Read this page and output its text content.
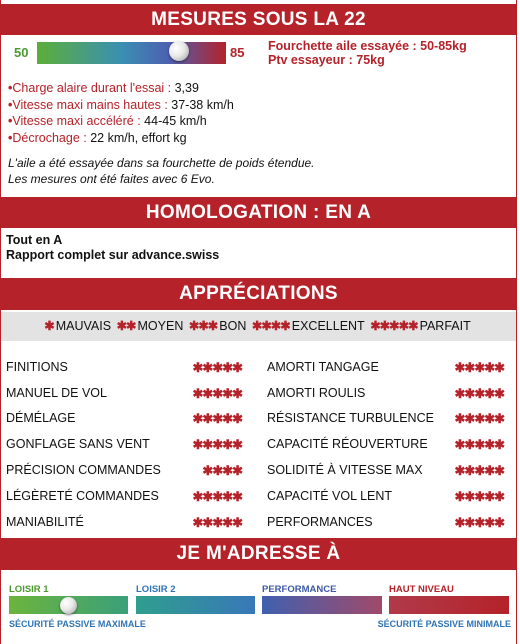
MESURES SOUS LA 22
50	85 Fourchette aile essayée : 50-85kg
Ptv essayeur : 75kg
•Charge alaire durant l'essai : 3,39
•Vitesse maxi mains hautes : 37-38 km/h
•Vitesse maxi accéléré : 44-45 km/h
•Décrochage : 22 km/h, effort kg
L'aile a été essayée dans sa fourchette de poids étendue.
Les mesures ont été faites avec 6 Evo.
HOMOLOGATION : EN A
Tout en A
Rapport complet sur advance.swiss
APPRÉCIATIONS
✱ MAUVAIS ✱✱ MOYEN ✱✱✱ BON ✱✱✱✱ EXCELLENT ✱✱✱✱✱ PARFAIT
FINITIONS	✱✱✱✱✱
MANUEL DE VOL	✱✱✱✱✱
DÉMÉLAGE	✱✱✱✱✱
GONFLAGE SANS VENT	✱✱✱✱✱
PRÉCISION COMMANDES	✱✱✱✱
LÉGÈRETÉ COMMANDES	✱✱✱✱✱
MANIABILITÉ	✱✱✱✱✱
AMORTI TANGAGE	✱✱✱✱✱
AMORTI ROULIS	✱✱✱✱✱
RÉSISTANCE TURBULENCE	✱✱✱✱✱
CAPACITÉ RÉOUVERTURE	✱✱✱✱✱
SOLIDITÉ À VITESSE MAX	✱✱✱✱✱
CAPACITÉ VOL LENT	✱✱✱✱✱
PERFORMANCES	✱✱✱✱✱
JE M'ADRESSE À
LOISIR 1	LOISIR 2	PERFORMANCE	HAUT NIVEAU
SÉCURITÉ PASSIVE MAXIMALE	SÉCURITÉ PASSIVE MINIMALE
